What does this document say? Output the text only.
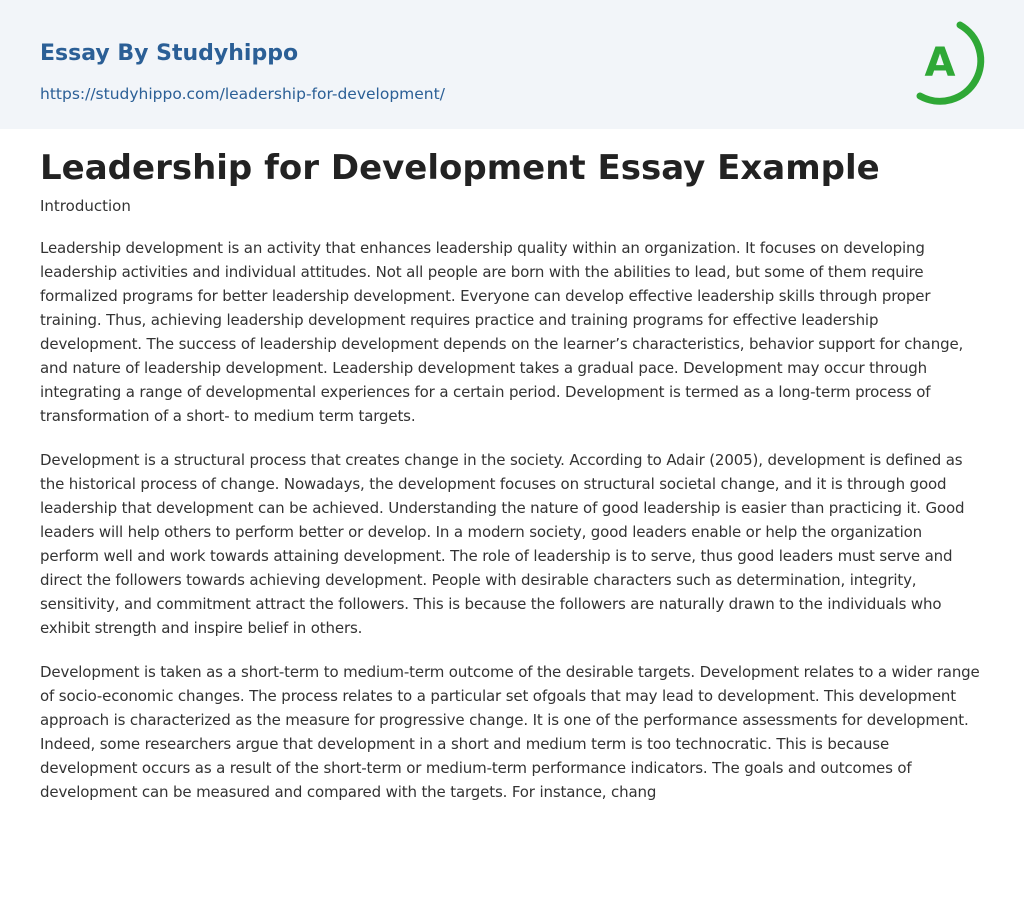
Essay By Studyhippo
https://studyhippo.com/leadership-for-development/
A
Leadership for Development Essay Example
Introduction

Leadership development is an activity that enhances leadership quality within an organization. It focuses on developing leadership activities and individual attitudes. Not all people are born with the abilities to lead, but some of them require formalized programs for better leadership development. Everyone can develop effective leadership skills through proper training. Thus, achieving leadership development requires practice and training programs for effective leadership development. The success of leadership development depends on the learner’s characteristics, behavior support for change, and nature of leadership development. Leadership development takes a gradual pace. Development may occur through integrating a range of developmental experiences for a certain period. Development is termed as a long-term process of transformation of a short- to medium term targets.

Development is a structural process that creates change in the society. According to Adair (2005), development is defined as the historical process of change. Nowadays, the development focuses on structural societal change, and it is through good leadership that development can be achieved. Understanding the nature of good leadership is easier than practicing it. Good leaders will help others to perform better or develop. In a modern society, good leaders enable or help the organization perform well and work towards attaining development. The role of leadership is to serve, thus good leaders must serve and direct the followers towards achieving development. People with desirable characters such as determination, integrity, sensitivity, and commitment attract the followers. This is because the followers are naturally drawn to the individuals who exhibit strength and inspire belief in others.

Development is taken as a short-term to medium-term outcome of the desirable targets. Development relates to a wider range of socio-economic changes. The process relates to a particular set ofgoals that may lead to development. This development approach is characterized as the measure for progressive change. It is one of the performance assessments for development. Indeed, some researchers argue that development in a short and medium term is too technocratic. This is because development occurs as a result of the short-term or medium-term performance indicators. The goals and outcomes of development can be measured and compared with the targets. For instance, chang
